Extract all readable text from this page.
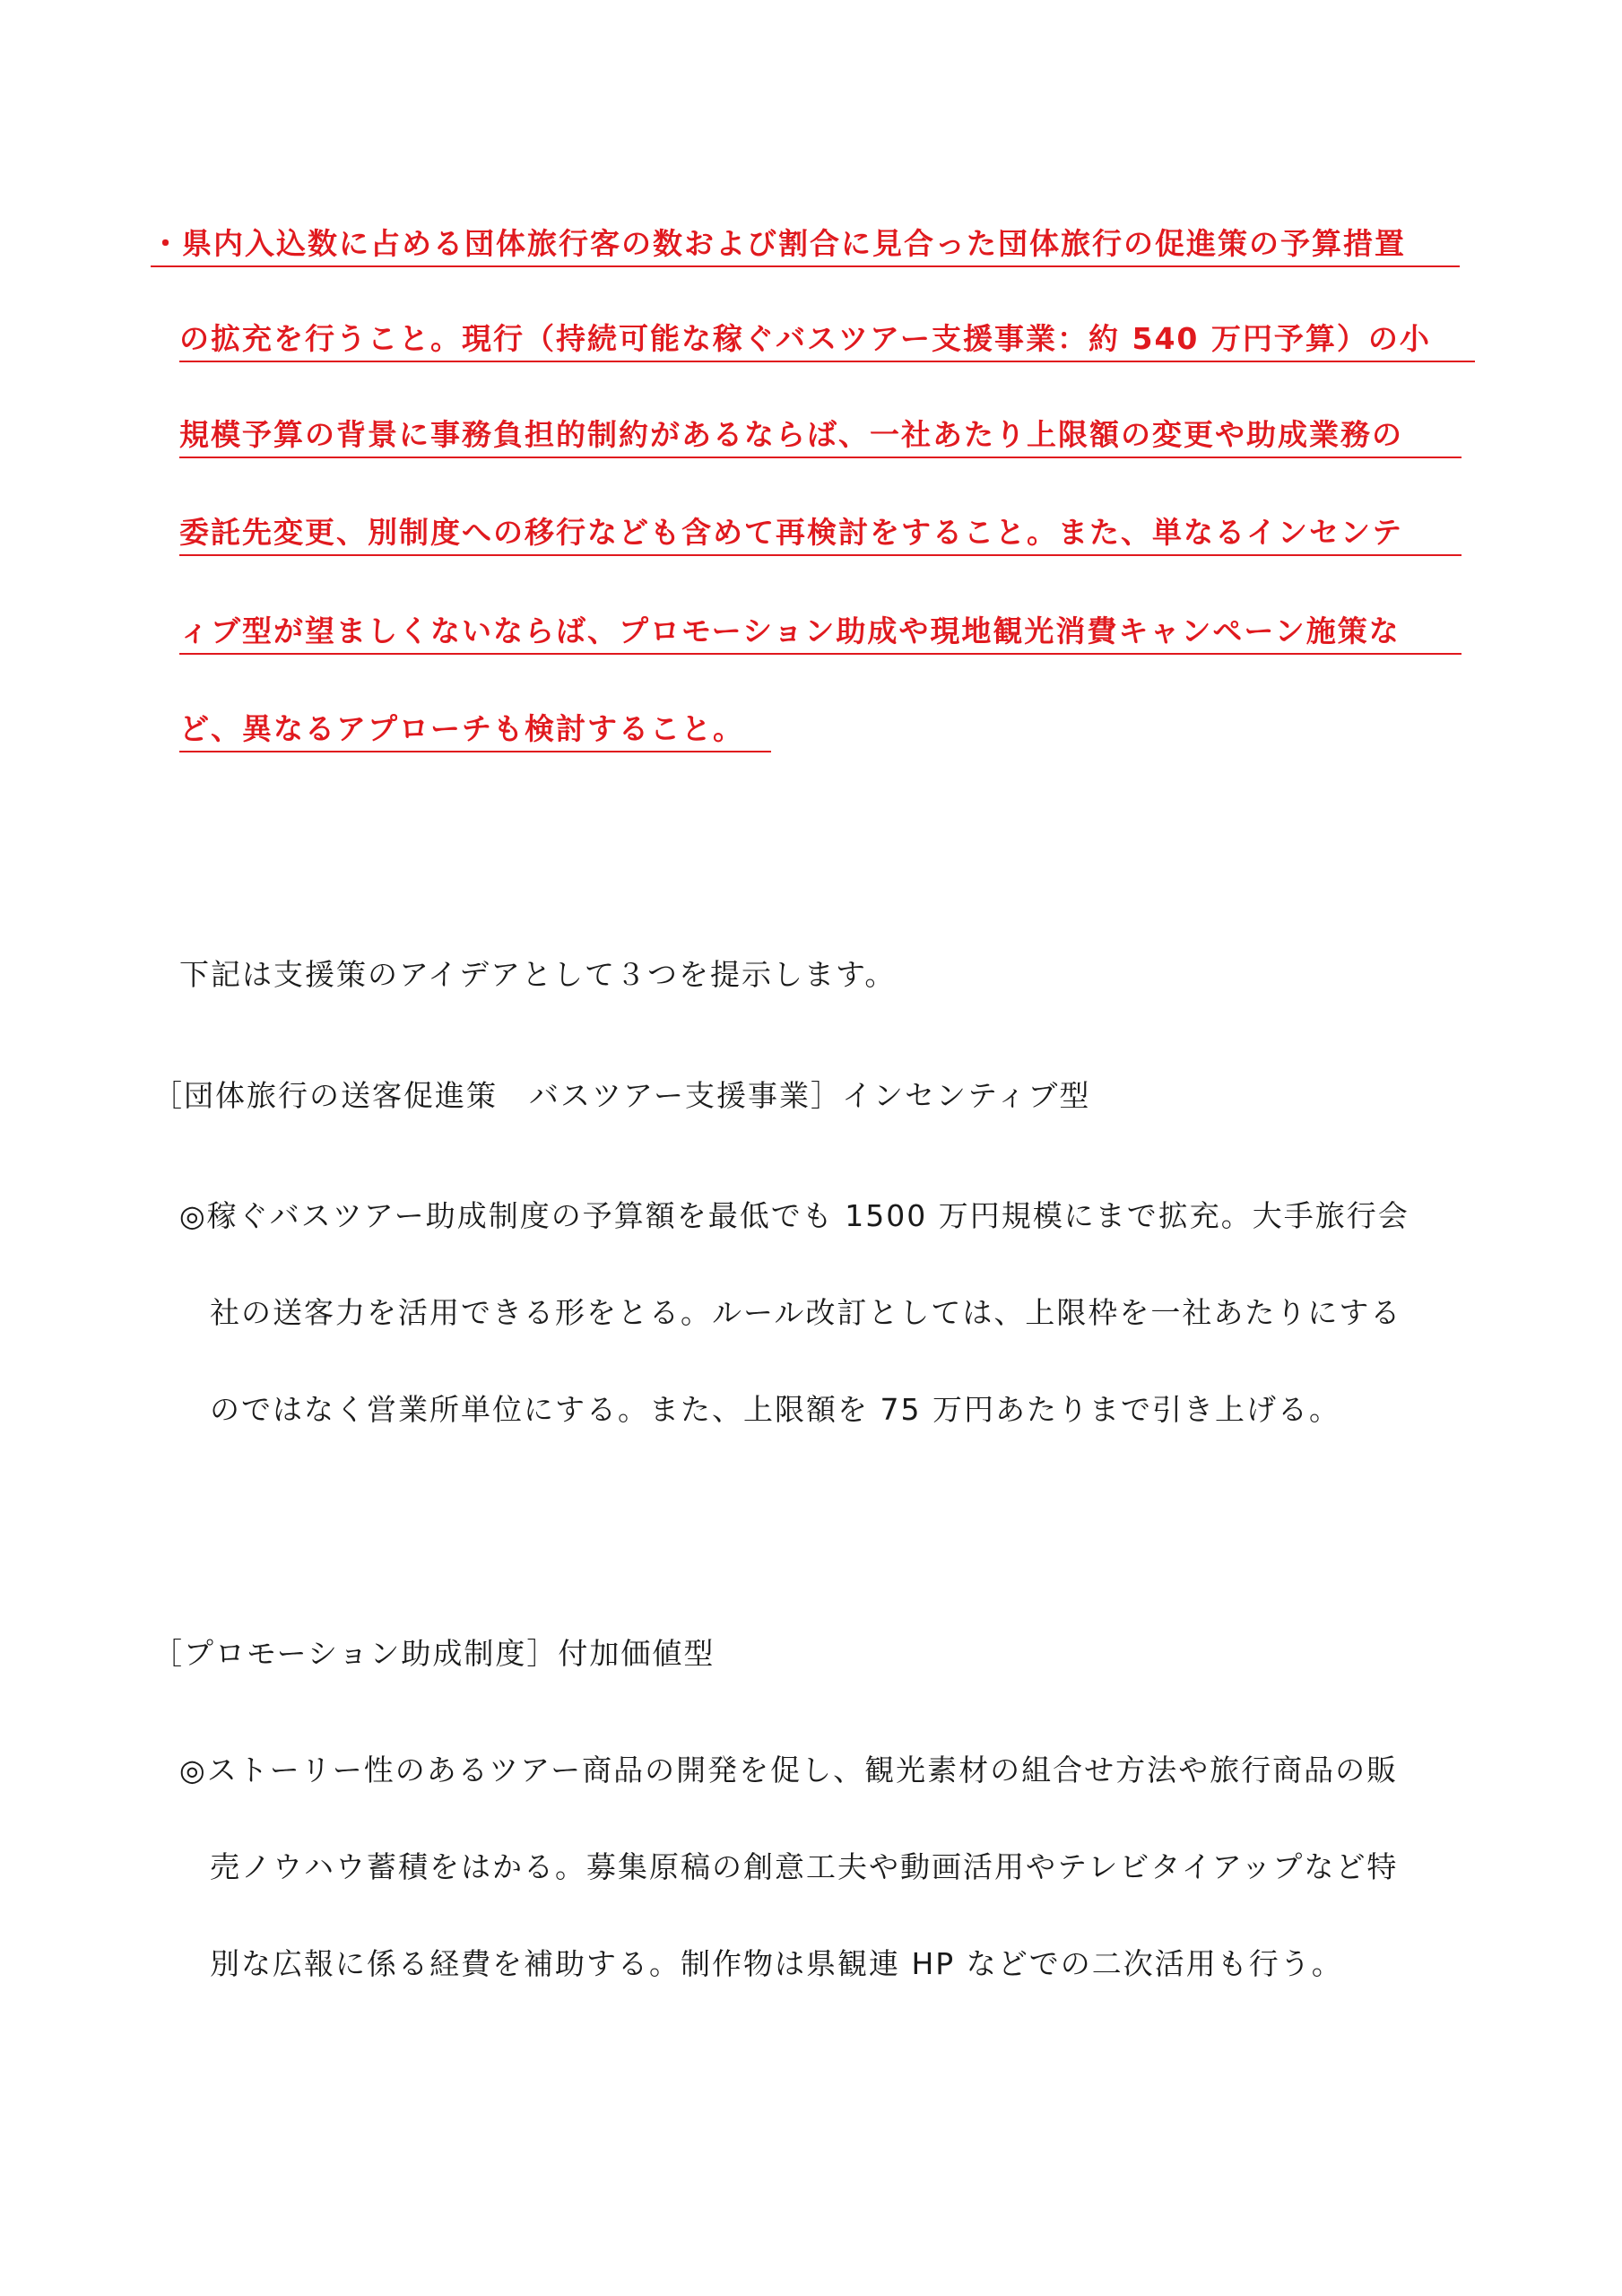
・県内入込数に占める団体旅行客の数および割合に見合った団体旅行の促進策の予算措置
の拡充を行うこと。現行（持続可能な稼ぐバスツアー支援事業：約 540 万円予算）の小
規模予算の背景に事務負担的制約があるならば、一社あたり上限額の変更や助成業務の
委託先変更、別制度への移行なども含めて再検討をすること。また、単なるインセンテ
ィブ型が望ましくないならば、プロモーション助成や現地観光消費キャンペーン施策な
ど、異なるアプローチも検討すること。
下記は支援策のアイデアとして３つを提示します。
［団体旅行の送客促進策　バスツアー支援事業］インセンティブ型
◎稼ぐバスツアー助成制度の予算額を最低でも 1500 万円規模にまで拡充。大手旅行会
社の送客力を活用できる形をとる。ルール改訂としては、上限枠を一社あたりにする
のではなく営業所単位にする。また、上限額を 75 万円あたりまで引き上げる。
［プロモーション助成制度］付加価値型
◎ストーリー性のあるツアー商品の開発を促し、観光素材の組合せ方法や旅行商品の販
売ノウハウ蓄積をはかる。募集原稿の創意工夫や動画活用やテレビタイアップなど特
別な広報に係る経費を補助する。制作物は県観連 HP などでの二次活用も行う。
